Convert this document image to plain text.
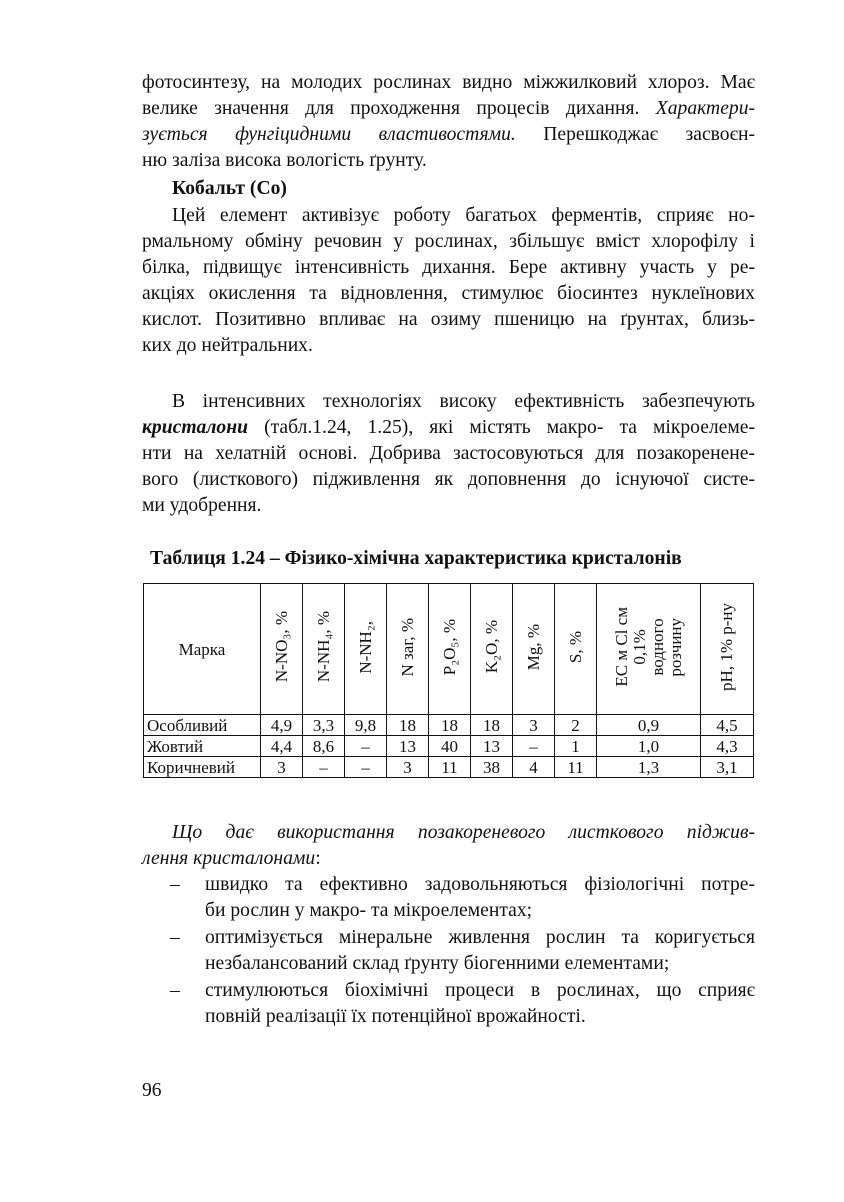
фотосинтезу, на молодих рослинах видно міжжилковий хлороз. Має
велике значення для проходження процесів дихання. Характери-
зується фунгіцидними властивостями. Перешкоджає засвоєн-
ню заліза висока вологість ґрунту.
Кобальт (Со)
Цей елемент активізує роботу багатьох ферментів, сприяє но-
рмальному обміну речовин у рослинах, збільшує вміст хлорофілу і
білка, підвищує інтенсивність дихання. Бере активну участь у ре-
акціях окислення та відновлення, стимулює біосинтез нуклеїнових
кислот. Позитивно впливає на озиму пшеницю на ґрунтах, близь-
ких до нейтральних.
В інтенсивних технологіях високу ефективність забезпечують
кристалони (табл.1.24, 1.25), які містять макро- та мікроелеме-
нти на хелатній основі. Добрива застосовуються для позакоренене-
вого (листкового) підживлення як доповнення до існуючої систе-
ми удобрення.
Таблиця 1.24 – Фізико-хімічна характеристика кристалонів
Марка	N-NO₃, %	N-NH₄, %	N-NH₂,	N заг, %	P₂O₅, %	K₂O, %	Mg, %	S, %	EC м Cl см
0,1%
водного
розчину	pH, 1% р-ну
Особливий	4,9	3,3	9,8	18	18	18	3	2	0,9	4,5
Жовтий	4,4	8,6	–	13	40	13	–	1	1,0	4,3
Коричневий	3	–	–	3	11	38	4	11	1,3	3,1
Що дає використання позакореневого листкового піджив-
лення кристалонами:
– швидко та ефективно задовольняються фізіологічні потре-
би рослин у макро- та мікроелементах;
– оптимізується мінеральне живлення рослин та коригується
незбалансований склад ґрунту біогенними елементами;
– стимулюються біохімічні процеси в рослинах, що сприяє
повній реалізації їх потенційної врожайності.
96
